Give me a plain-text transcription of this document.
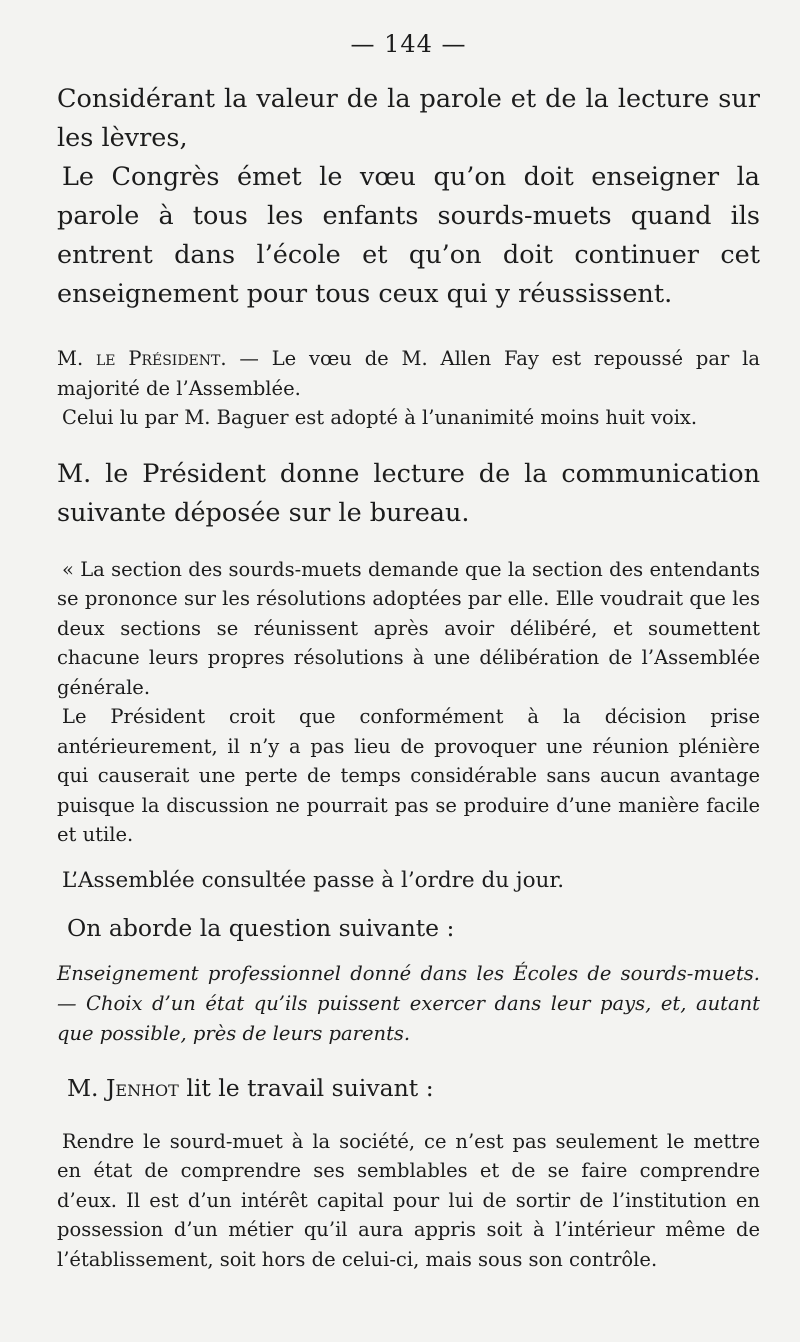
— 144 —

Considérant la valeur de la parole et de la lecture sur les lèvres,

Le Congrès émet le vœu qu’on doit enseigner la parole à tous les enfants sourds-muets quand ils entrent dans l’école et qu’on doit continuer cet enseignement pour tous ceux qui y réussissent.

M. le Président. — Le vœu de M. Allen Fay est repoussé par la majorité de l’Assemblée.

Celui lu par M. Baguer est adopté à l’unanimité moins huit voix.

M. le Président donne lecture de la communication suivante déposée sur le bureau.

« La section des sourds-muets demande que la section des entendants se prononce sur les résolutions adoptées par elle. Elle voudrait que les deux sections se réunissent après avoir délibéré, et soumettent chacune leurs propres résolutions à une délibération de l’Assemblée générale.

Le Président croit que conformément à la décision prise antérieurement, il n’y a pas lieu de provoquer une réunion plénière qui causerait une perte de temps considérable sans aucun avantage puisque la discussion ne pourrait pas se produire d’une manière facile et utile.

L’Assemblée consultée passe à l’ordre du jour.

On aborde la question suivante :

Enseignement professionnel donné dans les Écoles de sourds-muets. — Choix d’un état qu’ils puissent exercer dans leur pays, et, autant que possible, près de leurs parents.

M. Jenhot lit le travail suivant :

Rendre le sourd-muet à la société, ce n’est pas seulement le mettre en état de comprendre ses semblables et de se faire comprendre d’eux. Il est d’un intérêt capital pour lui de sortir de l’institution en possession d’un métier qu’il aura appris soit à l’intérieur même de l’établissement, soit hors de celui-ci, mais sous son contrôle.
